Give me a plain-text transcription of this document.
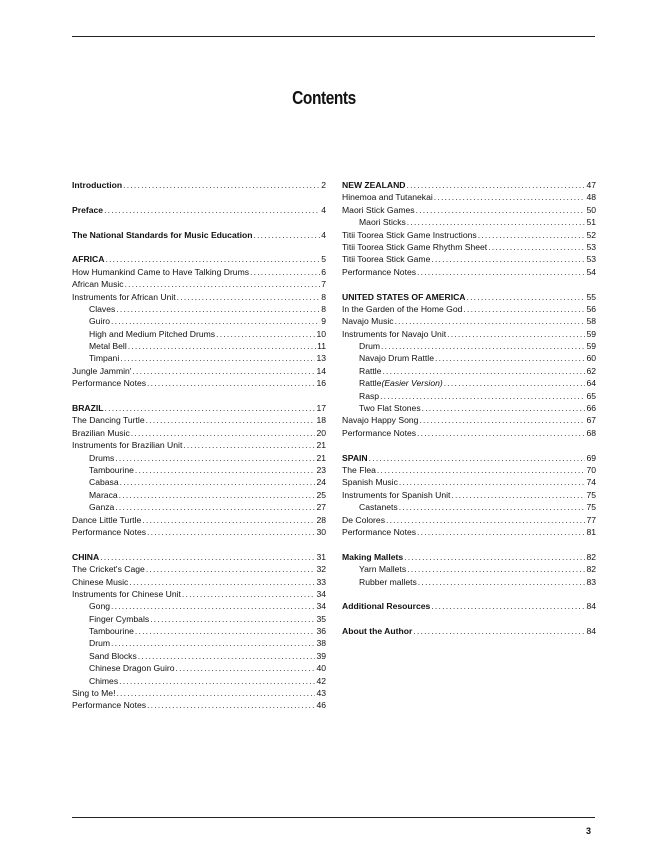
Contents
Introduction .....	2
Preface .....	4
The National Standards for Music Education .....	4
AFRICA .....	5
How Humankind Came to Have Talking Drums .....	6
African Music .....	7
Instruments for African Unit .....	8
Claves .....	8
Guiro .....	9
High and Medium Pitched Drums .....	10
Metal Bell .....	11
Timpani .....	13
Jungle Jammin' .....	14
Performance Notes .....	16
BRAZIL .....	17
The Dancing Turtle .....	18
Brazilian Music .....	20
Instruments for Brazilian Unit .....	21
Drums .....	21
Tambourine .....	23
Cabasa .....	24
Maraca .....	25
Ganza .....	27
Dance Little Turtle .....	28
Performance Notes .....	30
CHINA .....	31
The Cricket's Cage .....	32
Chinese Music .....	33
Instruments for Chinese Unit .....	34
Gong .....	34
Finger Cymbals .....	35
Tambourine .....	36
Drum .....	38
Sand Blocks .....	39
Chinese Dragon Guiro .....	40
Chimes .....	42
Sing to Me! .....	43
Performance Notes .....	46
NEW ZEALAND .....	47
Hinemoa and Tutanekai .....	48
Maori Stick Games .....	50
Maori Sticks .....	51
Titii Toorea Stick Game Instructions .....	52
Titii Toorea Stick Game Rhythm Sheet .....	53
Titii Toorea Stick Game .....	53
Performance Notes .....	54
UNITED STATES OF AMERICA .....	55
In the Garden of the Home God .....	56
Navajo Music .....	58
Instruments for Navajo Unit .....	59
Drum .....	59
Navajo Drum Rattle .....	60
Rattle .....	62
Rattle (Easier Version) .....	64
Rasp .....	65
Two Flat Stones .....	66
Navajo Happy Song .....	67
Performance Notes .....	68
SPAIN .....	69
The Flea .....	70
Spanish Music .....	74
Instruments for Spanish Unit .....	75
Castanets .....	75
De Colores .....	77
Performance Notes .....	81
Making Mallets .....	82
Yarn Mallets .....	82
Rubber mallets .....	83
Additional Resources .....	84
About the Author .....	84
3
